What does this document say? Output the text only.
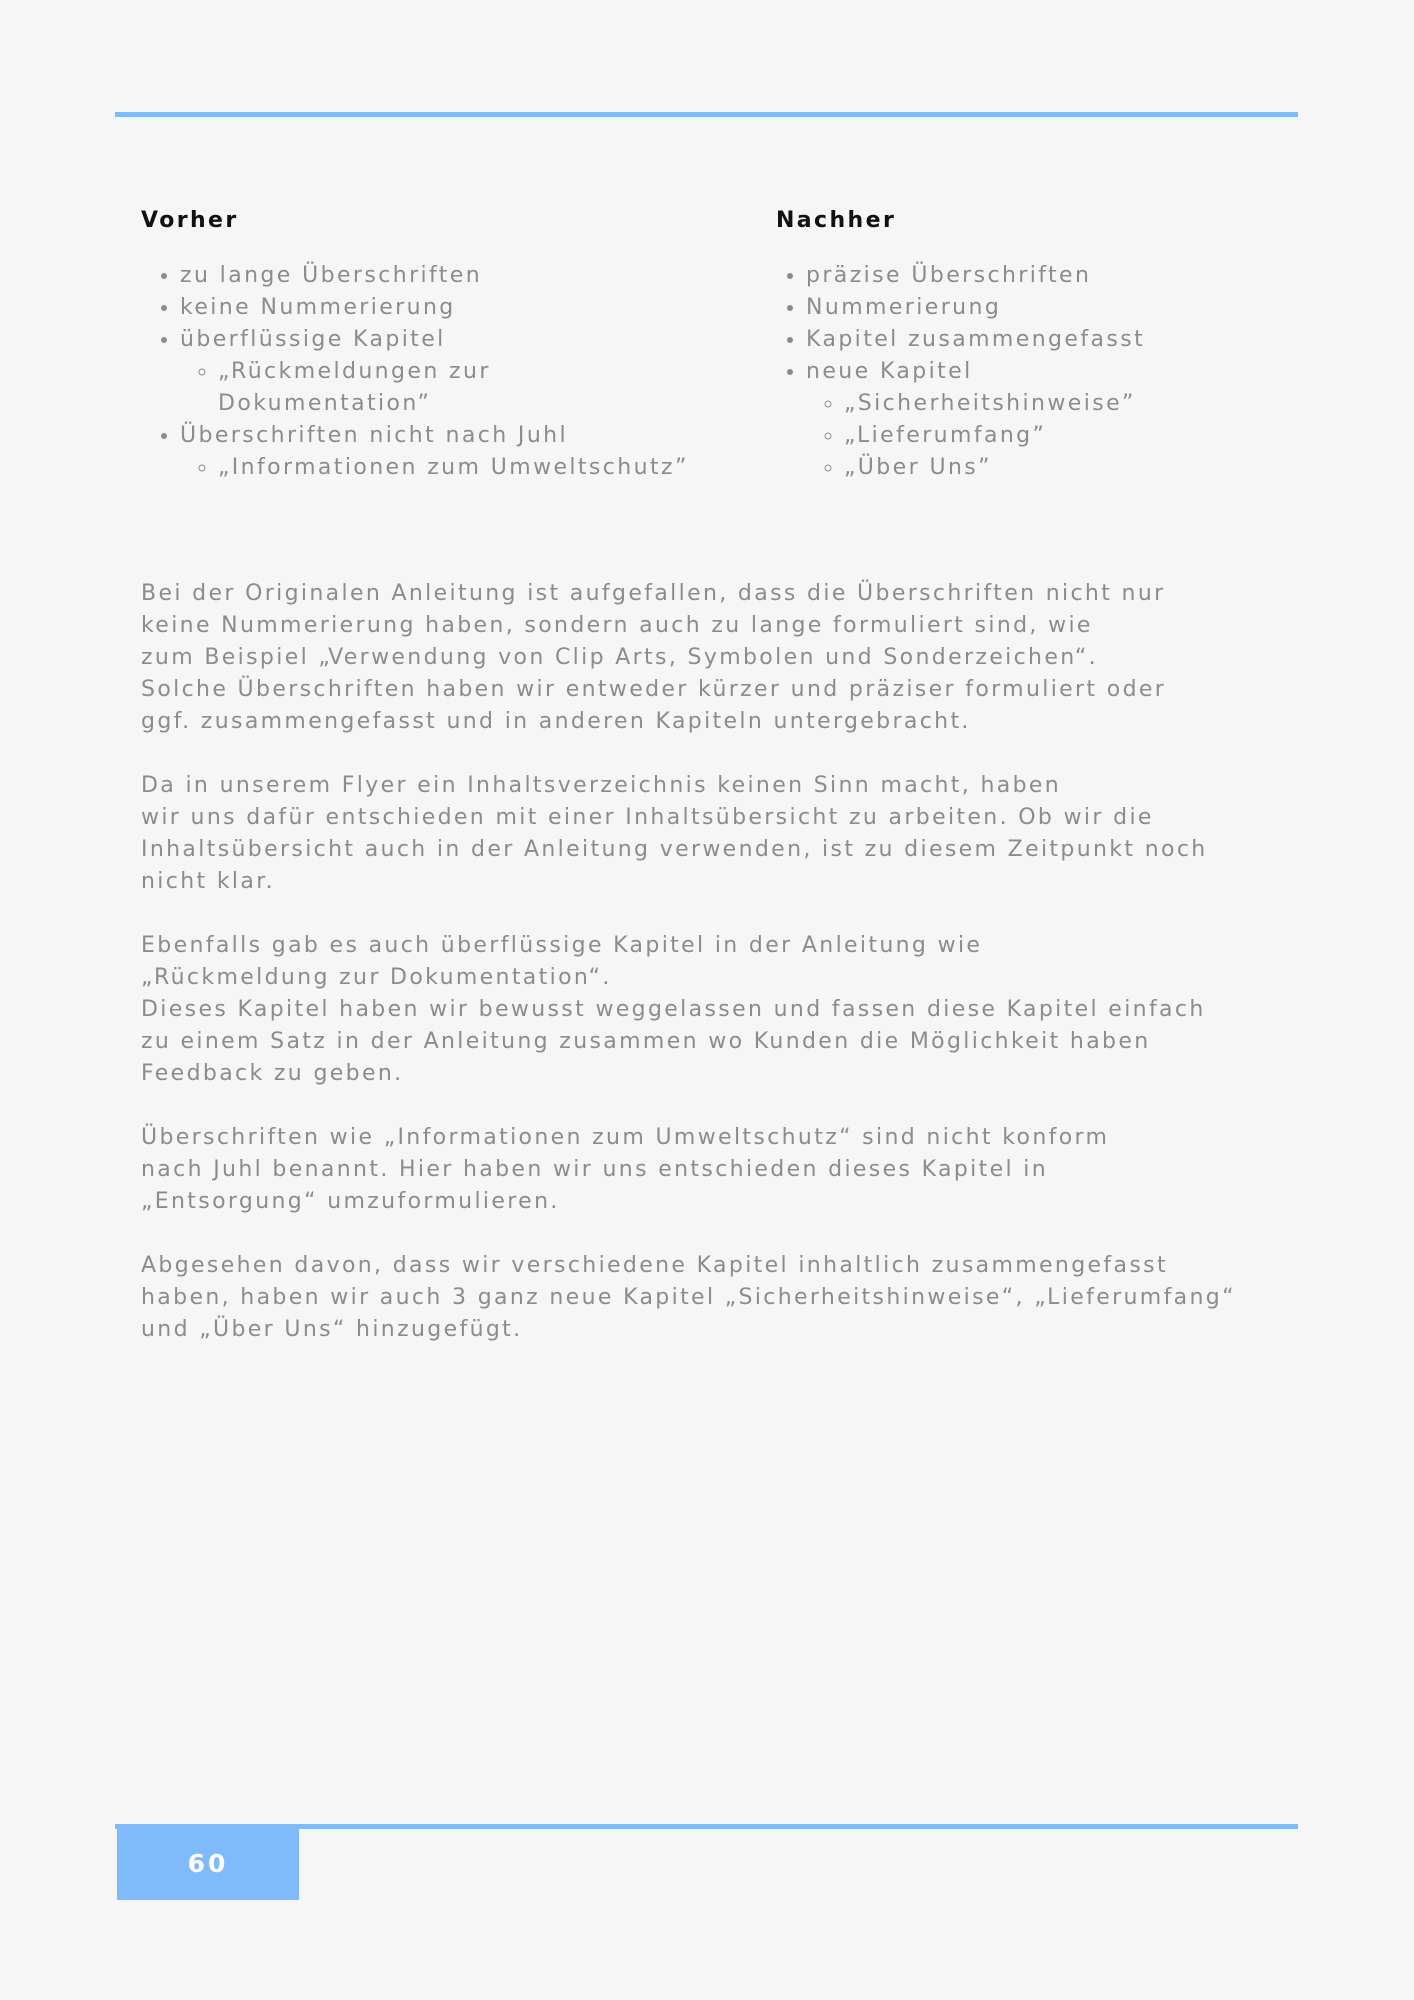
Vorher
• zu lange Überschriften
• keine Nummerierung
• überflüssige Kapitel
◦ „Rückmeldungen zur Dokumentation”
• Überschriften nicht nach Juhl
◦ „Informationen zum Umweltschutz”
Nachher
• präzise Überschriften
• Nummerierung
• Kapitel zusammengefasst
• neue Kapitel
◦ „Sicherheitshinweise”
◦ „Lieferumfang”
◦ „Über Uns”

Bei der Originalen Anleitung ist aufgefallen, dass die Überschriften nicht nur
keine Nummerierung haben, sondern auch zu lange formuliert sind, wie
zum Beispiel „Verwendung von Clip Arts, Symbolen und Sonderzeichen“.
Solche Überschriften haben wir entweder kürzer und präziser formuliert oder
ggf. zusammengefasst und in anderen Kapiteln untergebracht.

Da in unserem Flyer ein Inhaltsverzeichnis keinen Sinn macht, haben
wir uns dafür entschieden mit einer Inhaltsübersicht zu arbeiten. Ob wir die
Inhaltsübersicht auch in der Anleitung verwenden, ist zu diesem Zeitpunkt noch
nicht klar.

Ebenfalls gab es auch überflüssige Kapitel in der Anleitung wie
„Rückmeldung zur Dokumentation“.
Dieses Kapitel haben wir bewusst weggelassen und fassen diese Kapitel einfach
zu einem Satz in der Anleitung zusammen wo Kunden die Möglichkeit haben
Feedback zu geben.

Überschriften wie „Informationen zum Umweltschutz“ sind nicht konform
nach Juhl benannt. Hier haben wir uns entschieden dieses Kapitel in
„Entsorgung“ umzuformulieren.

Abgesehen davon, dass wir verschiedene Kapitel inhaltlich zusammengefasst
haben, haben wir auch 3 ganz neue Kapitel „Sicherheitshinweise“, „Lieferumfang“
und „Über Uns“ hinzugefügt.

60
